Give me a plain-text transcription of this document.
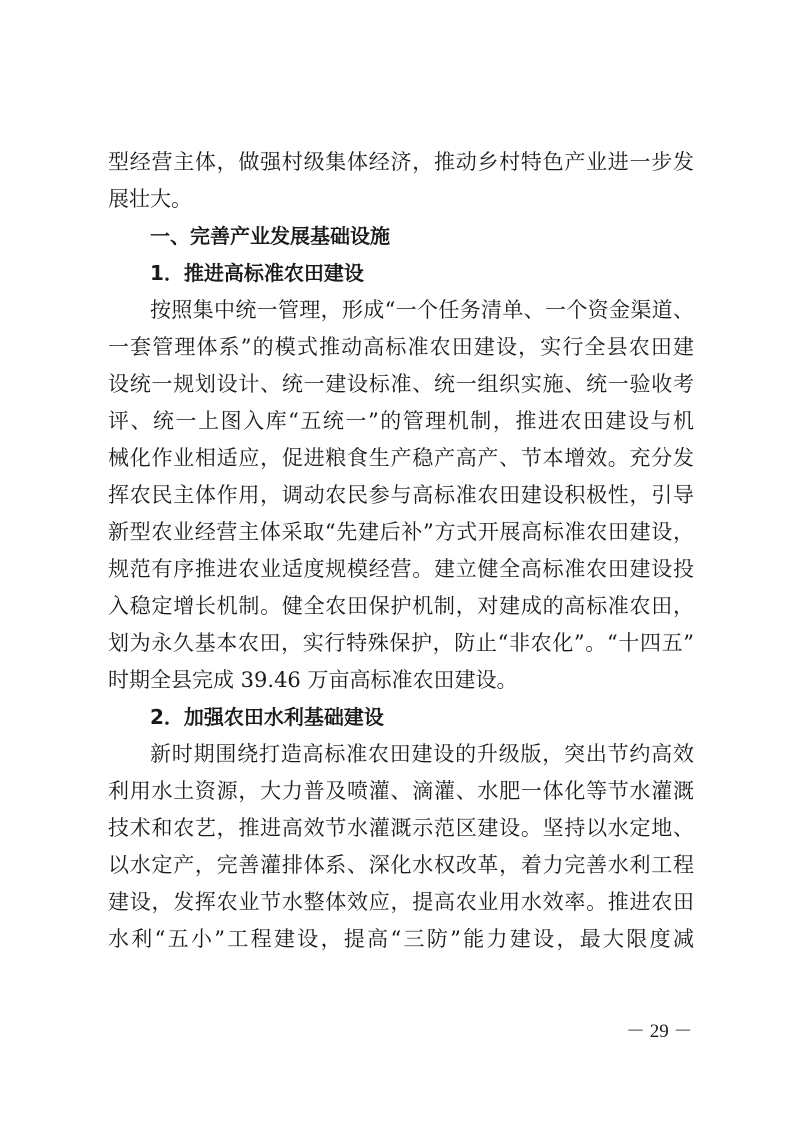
型经营主体，做强村级集体经济，推动乡村特色产业进一步发
展壮大。
一、完善产业发展基础设施
1．推进高标准农田建设
按照集中统一管理，形成“一个任务清单、一个资金渠道、
一套管理体系”的模式推动高标准农田建设，实行全县农田建
设统一规划设计、统一建设标准、统一组织实施、统一验收考
评、统一上图入库“五统一”的管理机制，推进农田建设与机
械化作业相适应，促进粮食生产稳产高产、节本增效。充分发
挥农民主体作用，调动农民参与高标准农田建设积极性，引导
新型农业经营主体采取“先建后补”方式开展高标准农田建设，
规范有序推进农业适度规模经营。建立健全高标准农田建设投
入稳定增长机制。健全农田保护机制，对建成的高标准农田，
划为永久基本农田，实行特殊保护，防止“非农化”。“十四五”
时期全县完成 39.46 万亩高标准农田建设。
2．加强农田水利基础建设
新时期围绕打造高标准农田建设的升级版，突出节约高效
利用水土资源，大力普及喷灌、滴灌、水肥一体化等节水灌溉
技术和农艺，推进高效节水灌溉示范区建设。坚持以水定地、
以水定产，完善灌排体系、深化水权改革，着力完善水利工程
建设，发挥农业节水整体效应，提高农业用水效率。推进农田
水利“五小”工程建设，提高“三防”能力建设，最大限度减
－ 29 －
